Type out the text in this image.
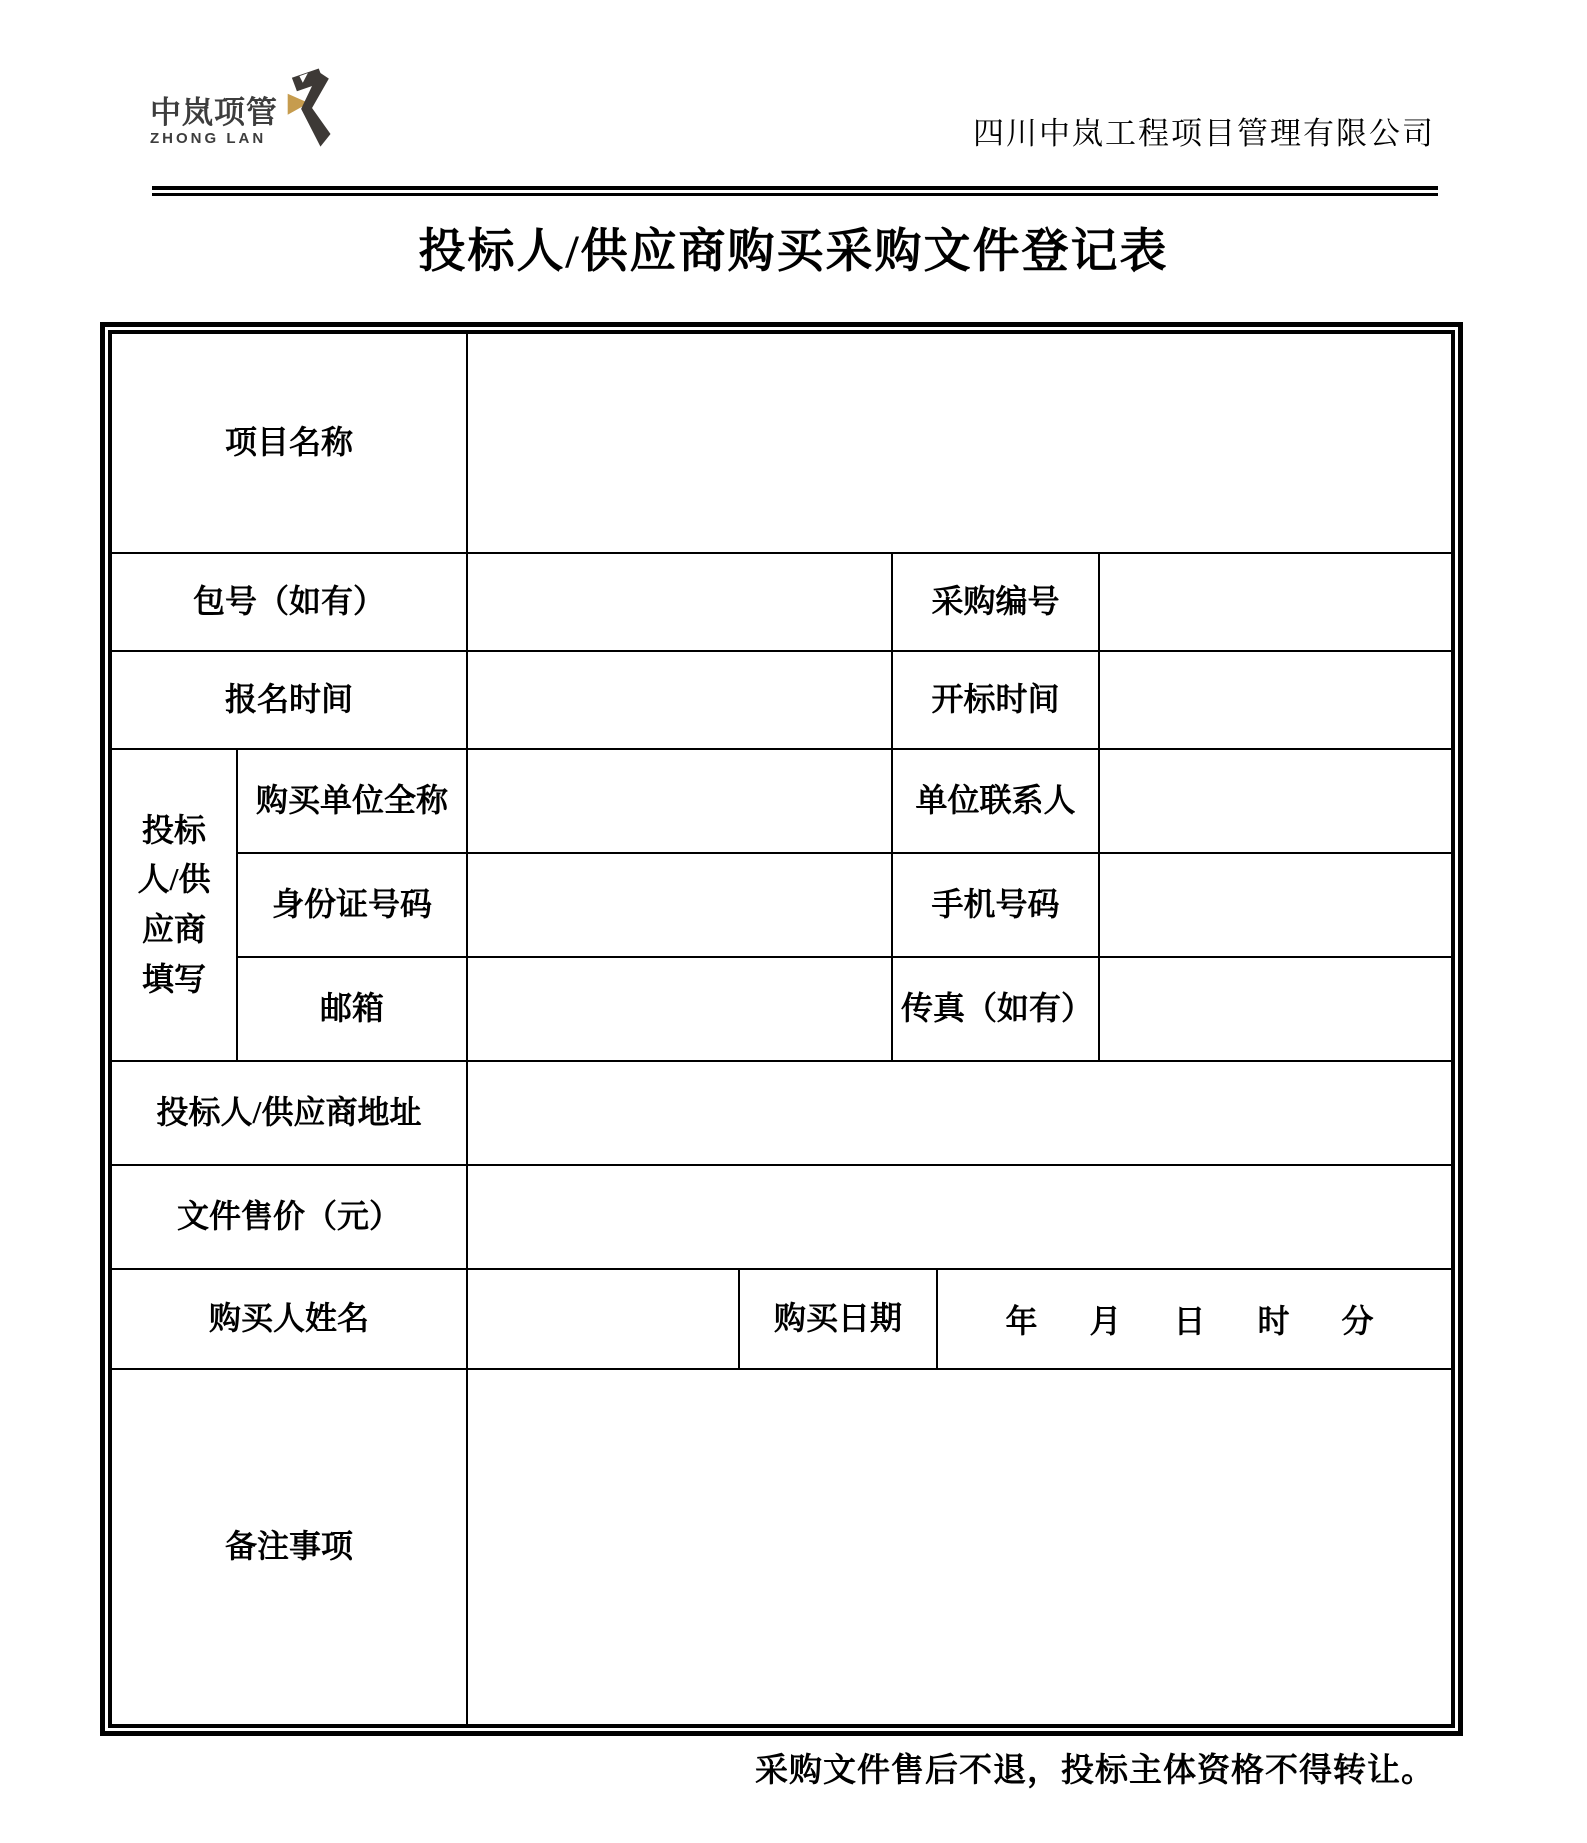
中岚项管
ZHONG LAN	四川中岚工程项目管理有限公司
投标人/供应商购买采购文件登记表
项目名称
包号（如有）	采购编号
报名时间	开标时间
投标人/供应商填写
购买单位全称	单位联系人
身份证号码	手机号码
邮箱	传真（如有）
投标人/供应商地址
文件售价（元）
购买人姓名	购买日期	年　月　日　时　分
备注事项
采购文件售后不退，投标主体资格不得转让。
